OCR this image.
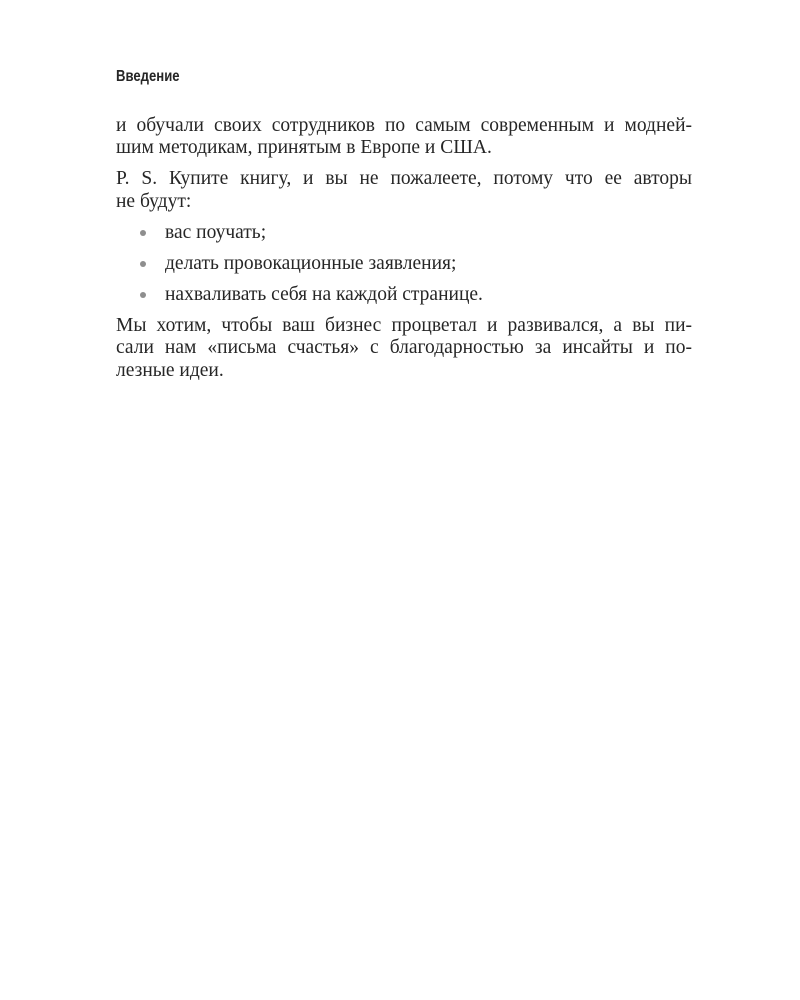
Введение

и обучали своих сотрудников по самым современным и модней-
шим методикам, принятым в Европе и США.

P. S. Купите книгу, и вы не пожалеете, потому что ее авторы
не будут:

вас поучать;
делать провокационные заявления;
нахваливать себя на каждой странице.

Мы хотим, чтобы ваш бизнес процветал и развивался, а вы пи-
сали нам «письма счастья» с благодарностью за инсайты и по-
лезные идеи.
